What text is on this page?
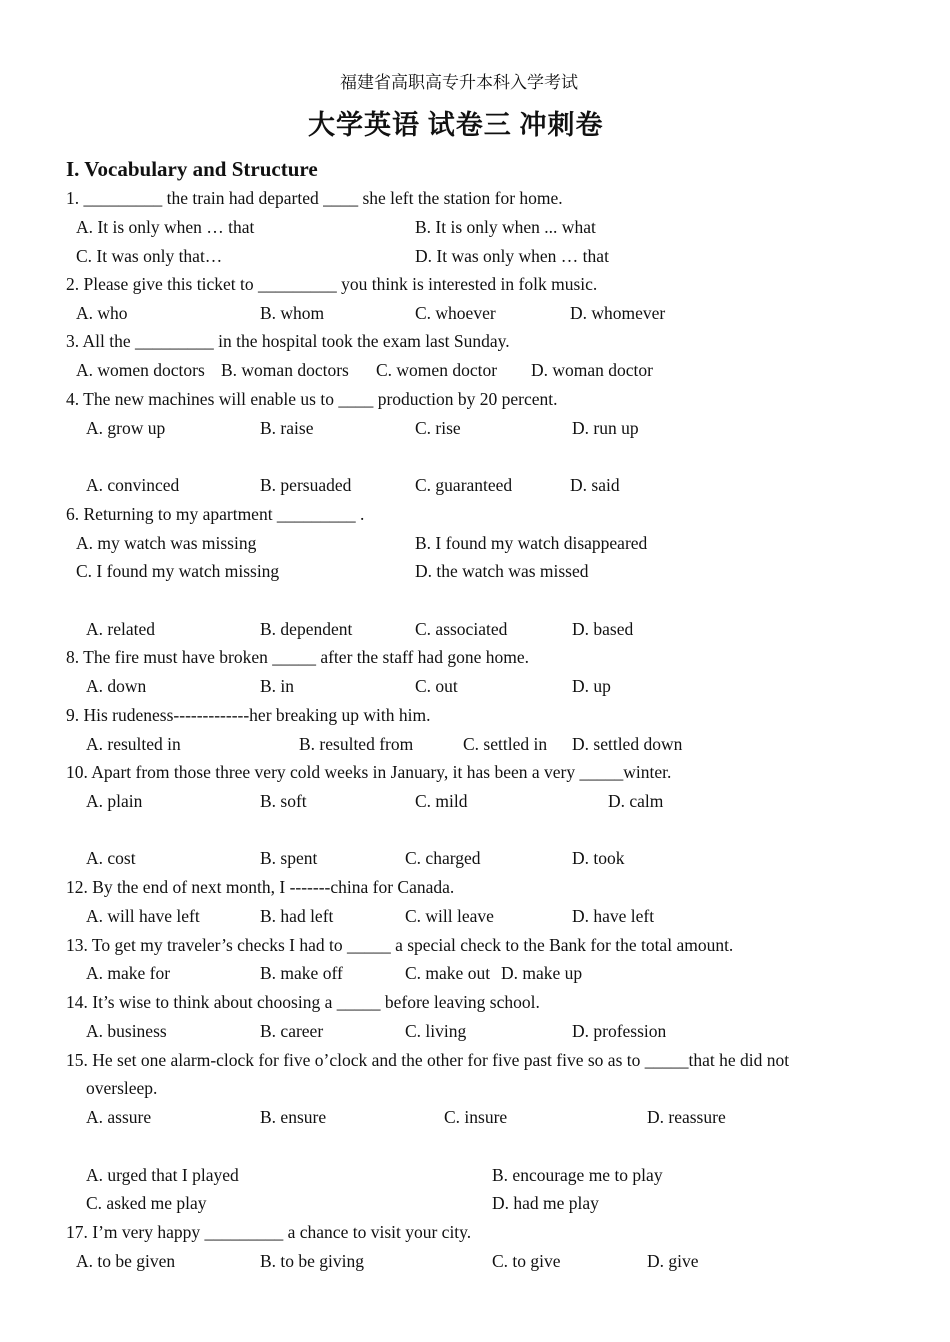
福建省高职高专升本科入学考试
大学英语 试卷三 冲刺卷
I. Vocabulary and Structure
1. _________ the train had departed ____ she left the station for home.
A. It is only when … that	B. It is only when ... what
C. It was only that…	D. It was only when … that
2. Please give this ticket to _________ you think is interested in folk music.
A. who	B. whom	C. whoever	D. whomever
3. All the _________ in the hospital took the exam last Sunday.
A. women doctors B. woman doctors C. women doctor D. woman doctor
4. The new machines will enable us to ____ production by 20 percent.
A. grow up	B. raise	C. rise	D. run up
A. convinced	B. persuaded	C. guaranteed	D. said
6. Returning to my apartment _________ .
A. my watch was missing	B. I found my watch disappeared
C. I found my watch missing	D. the watch was missed
A. related	B. dependent	C. associated	D. based
8. The fire must have broken _____ after the staff had gone home.
A. down	B. in	C. out	D. up
9. His rudeness-------------her breaking up with him.
A. resulted in	B. resulted from	C. settled in D. settled down
10. Apart from those three very cold weeks in January, it has been a very _____winter.
A. plain	B. soft	C. mild	D. calm
A. cost	B. spent	C. charged	D. took
12. By the end of next month, I -------china for Canada.
A. will have left	B. had left	C. will leave	D. have left
13. To get my traveler’s checks I had to _____ a special check to the Bank for the total amount.
A. make for	B. make off	C. make out D. make up
14. It’s wise to think about choosing a _____ before leaving school.
A. business	B. career	C. living	D. profession
15. He set one alarm-clock for five o’clock and the other for five past five so as to _____that he did not
oversleep.
A. assure	B. ensure	C. insure	D. reassure
A. urged that I played	B. encourage me to play
C. asked me play	D. had me play
17. I’m very happy _________ a chance to visit your city.
A. to be given	B. to be giving	C. to give	D. give
